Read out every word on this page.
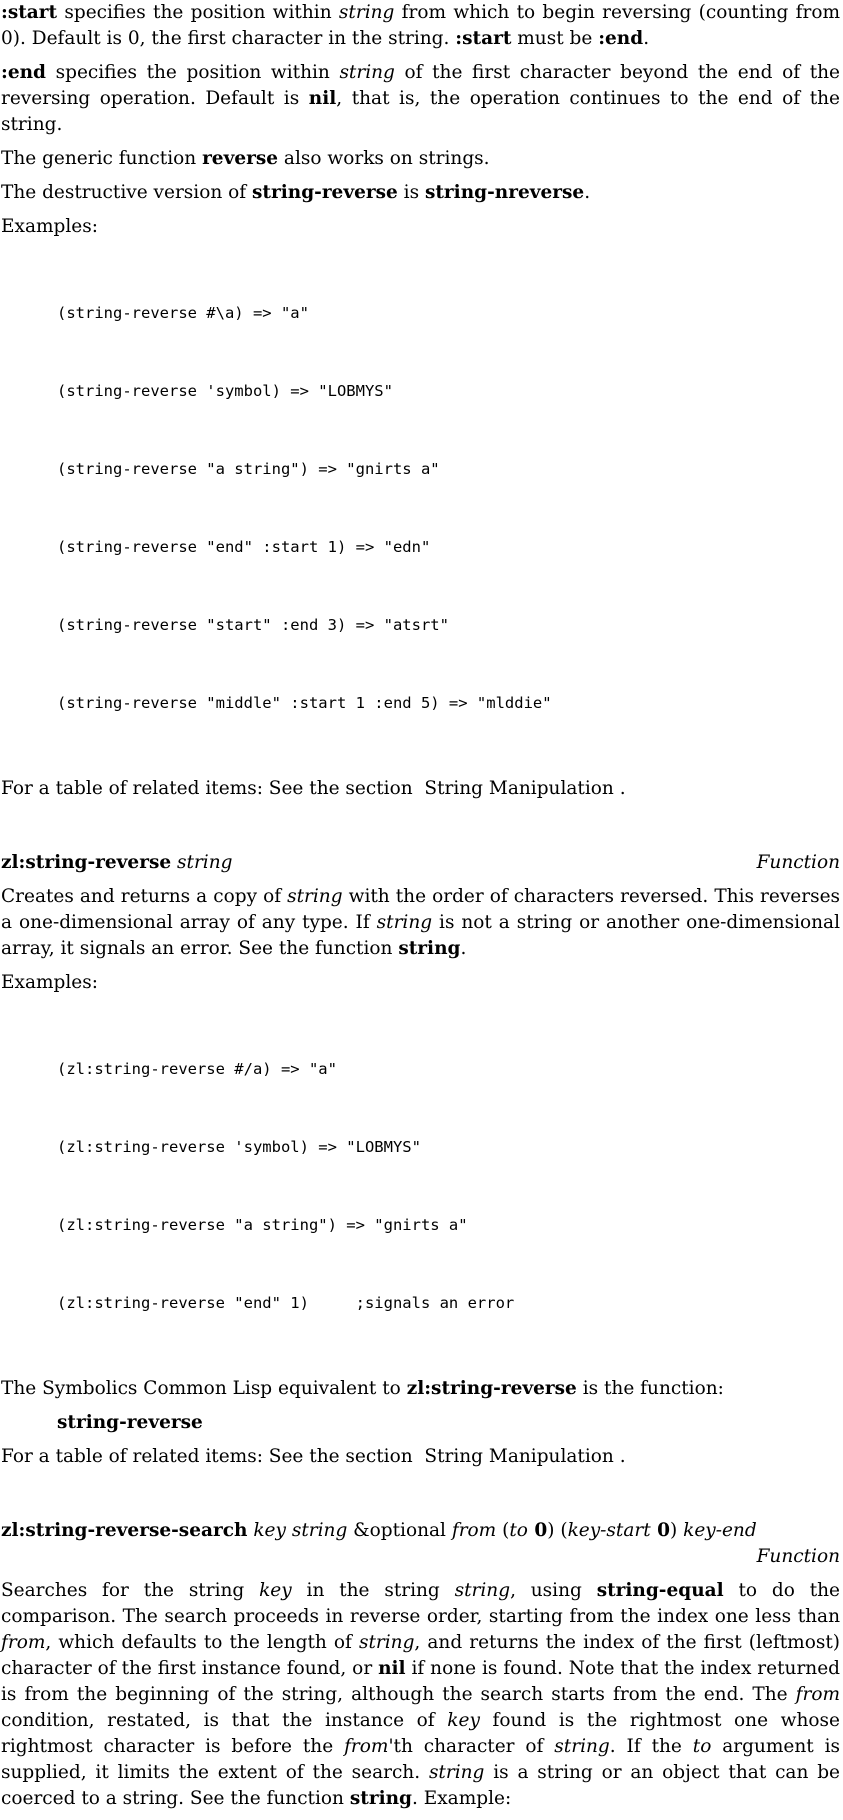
:start specifies the position within string from which to begin reversing (counting from 0). Default is 0, the first character in the string. :start must be :end.

:end specifies the position within string of the first character beyond the end of the reversing operation. Default is nil, that is, the operation continues to the end of the string.

The generic function reverse also works on strings.

The destructive version of string-reverse is string-nreverse.

Examples:

(string-reverse #\a) => "a"

(string-reverse 'symbol) => "LOBMYS"

(string-reverse "a string") => "gnirts a"

(string-reverse "end" :start 1) => "edn"

(string-reverse "start" :end 3) => "atsrt"

(string-reverse "middle" :start 1 :end 5) => "mlddie"

For a table of related items: See the section  String Manipulation .

zl:string-reverse string	Function

Creates and returns a copy of string with the order of characters reversed. This reverses a one-dimensional array of any type. If string is not a string or another one-dimensional array, it signals an error. See the function string.

Examples:

(zl:string-reverse #/a) => "a"

(zl:string-reverse 'symbol) => "LOBMYS"

(zl:string-reverse "a string") => "gnirts a"

(zl:string-reverse "end" 1)     ;signals an error

The Symbolics Common Lisp equivalent to zl:string-reverse is the function:

string-reverse

For a table of related items: See the section  String Manipulation .

zl:string-reverse-search key string &optional from (to 0) (key-start 0) key-end
Function

Searches for the string key in the string string, using string-equal to do the comparison. The search proceeds in reverse order, starting from the index one less than from, which defaults to the length of string, and returns the index of the first (leftmost) character of the first instance found, or nil if none is found. Note that the index returned is from the beginning of the string, although the search starts from the end. The from condition, restated, is that the instance of key found is the rightmost one whose rightmost character is before the from'th character of string. If the to argument is supplied, it limits the extent of the search. string is a string or an object that can be coerced to a string. See the function string. Example:
